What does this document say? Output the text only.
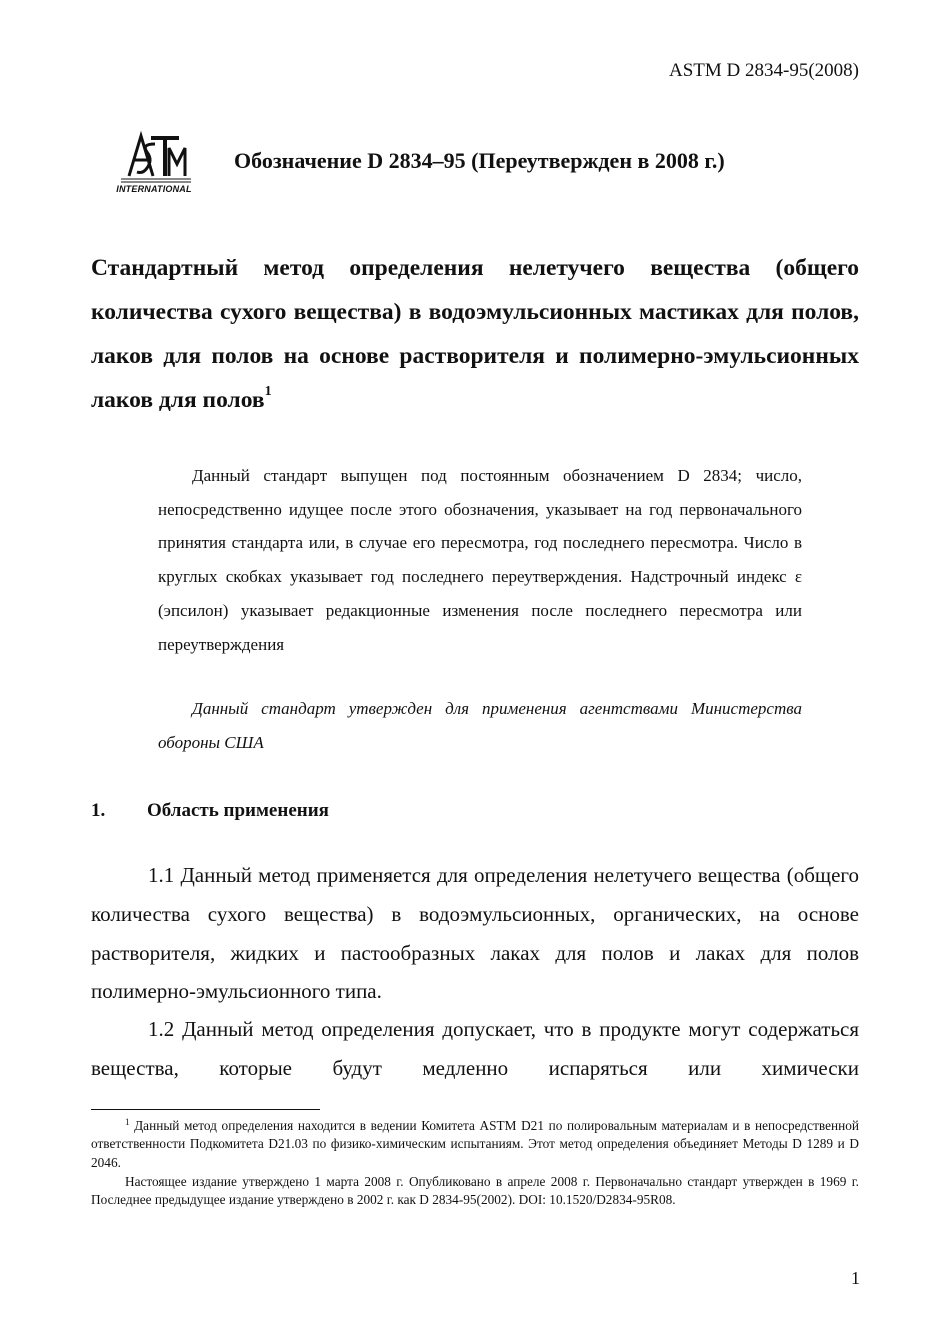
ASTM D 2834-95(2008)
INTERNATIONAL
Обозначение D 2834–95 (Переутвержден в 2008 г.)
Стандартный метод определения нелетучего вещества (общего количества сухого вещества) в водоэмульсионных мастиках для полов, лаков для полов на основе растворителя и полимерно-эмульсионных лаков для полов$^1$
Данный стандарт выпущен под постоянным обозначением D 2834; число, непосредственно идущее после этого обозначения, указывает на год первоначального принятия стандарта или, в случае его пересмотра, год последнего пересмотра. Число в круглых скобках указывает год последнего переутверждения. Надстрочный индекс ε (эпсилон) указывает редакционные изменения после последнего пересмотра или переутверждения
Данный стандарт утвержден для применения агентствами Министерства обороны США
1. Область применения
1.1 Данный метод применяется для определения нелетучего вещества (общего количества сухого вещества) в водоэмульсионных, органических, на основе растворителя, жидких и пастообразных лаках для полов и лаках для полов полимерно-эмульсионного типа.
1.2 Данный метод определения допускает, что в продукте могут содержаться вещества, которые будут медленно испаряться или химически
$^1$ Данный метод определения находится в ведении Комитета ASTM D21 по полировальным материалам и в непосредственной ответственности Подкомитета D21.03 по физико-химическим испытаниям. Этот метод определения объединяет Методы D 1289 и D 2046.
Настоящее издание утверждено 1 марта 2008 г. Опубликовано в апреле 2008 г. Первоначально стандарт утвержден в 1969 г. Последнее предыдущее издание утверждено в 2002 г. как D 2834-95(2002). DOI: 10.1520/D2834-95R08.
1
